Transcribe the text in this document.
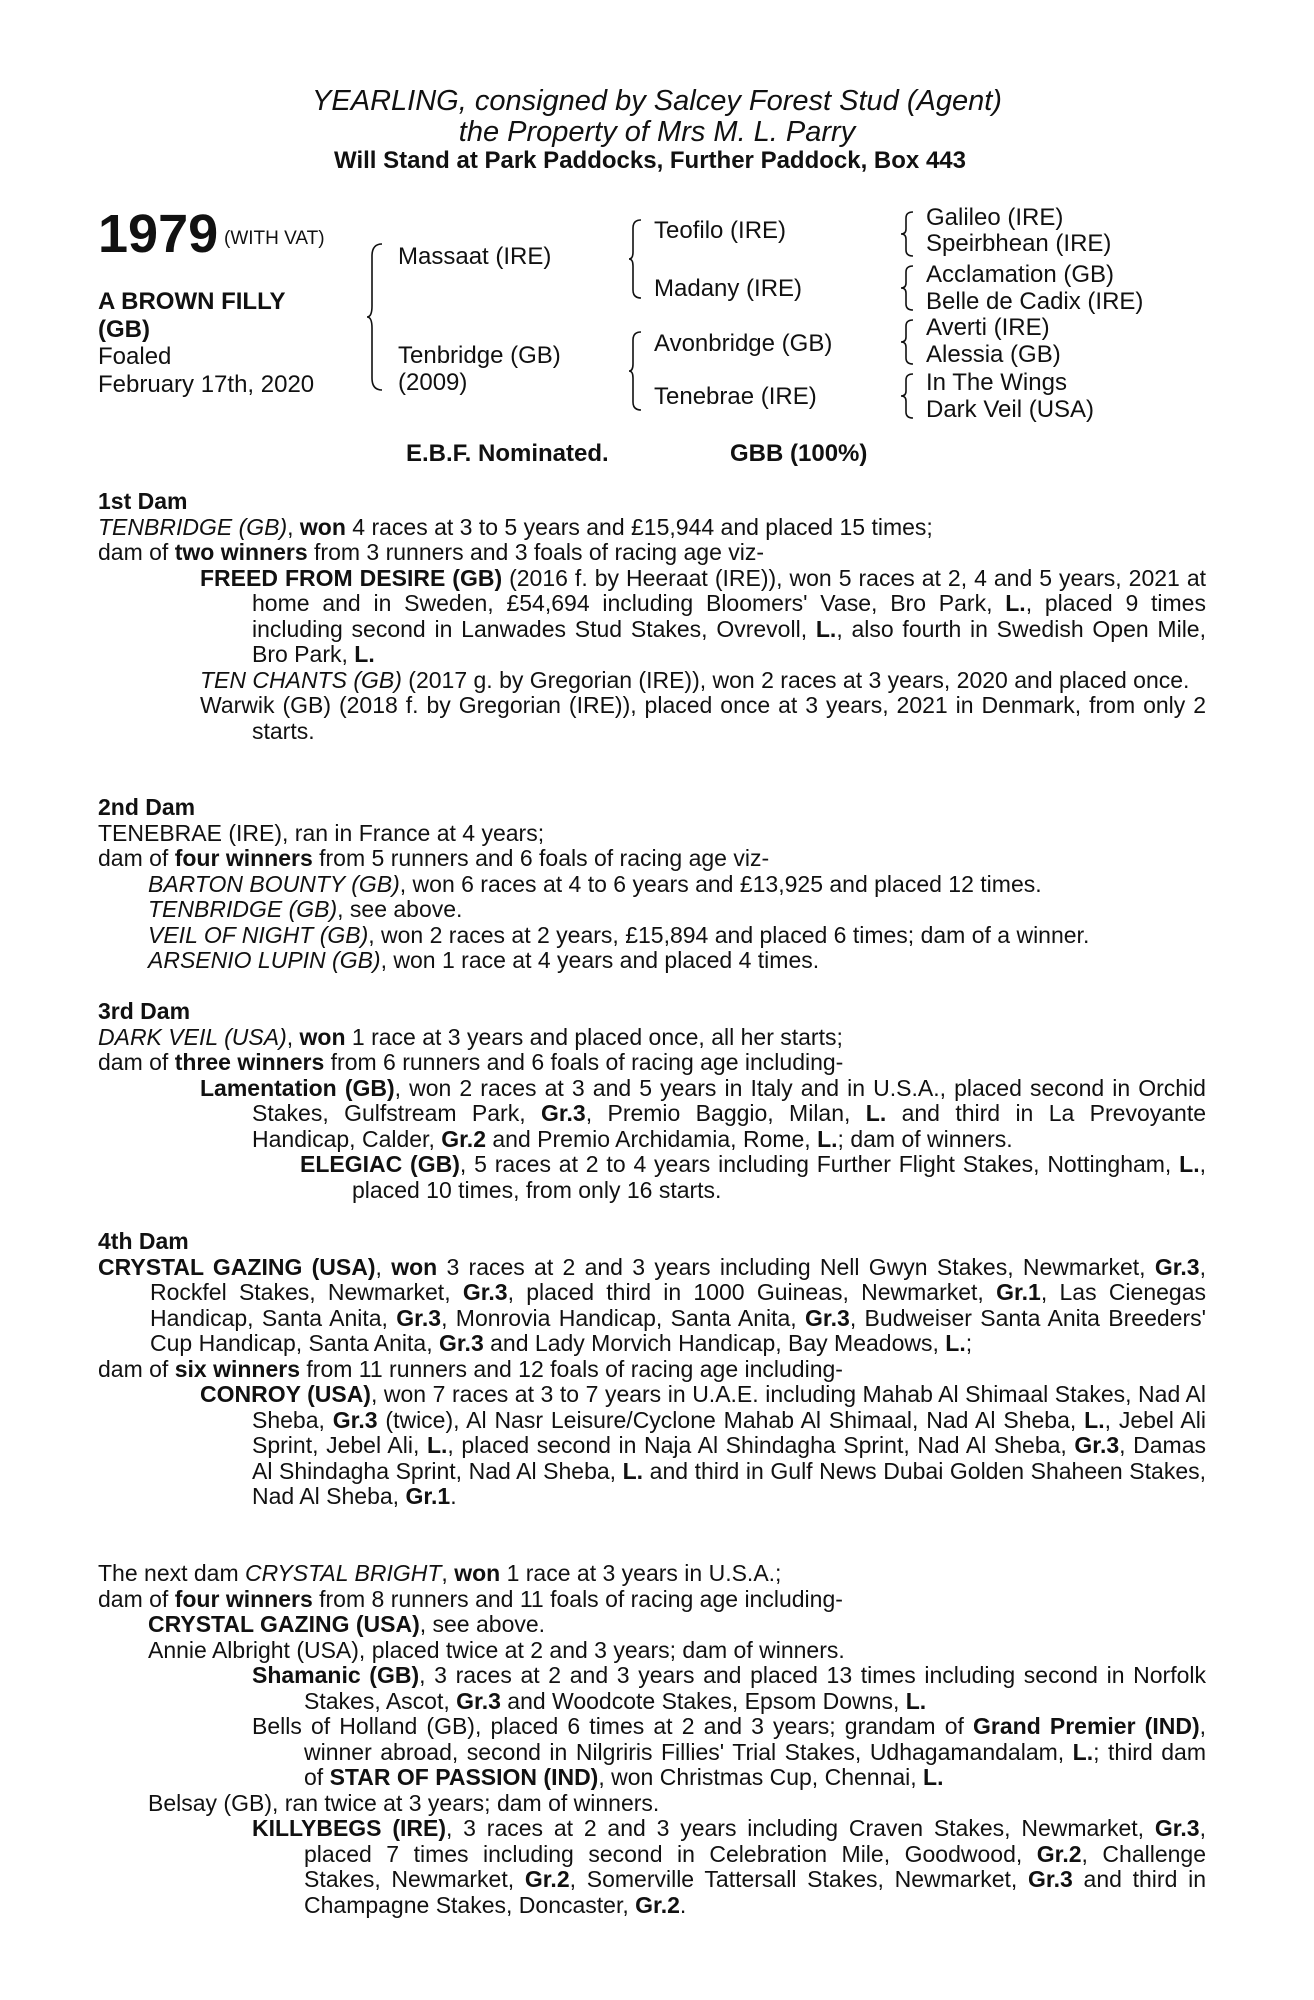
YEARLING, consigned by Salcey Forest Stud (Agent)
the Property of Mrs M. L. Parry
Will Stand at Park Paddocks, Further Paddock, Box 443
1979 (WITH VAT)
A BROWN FILLY
(GB)
Foaled
February 17th, 2020
Massaat (IRE)
Tenbridge (GB)
(2009)
Teofilo (IRE)
Madany (IRE)
Avonbridge (GB)
Tenebrae (IRE)
Galileo (IRE)
Speirbhean (IRE)
Acclamation (GB)
Belle de Cadix (IRE)
Averti (IRE)
Alessia (GB)
In The Wings
Dark Veil (USA)
E.B.F. Nominated.	GBB (100%)

1st Dam

TENBRIDGE (GB), won 4 races at 3 to 5 years and £15,944 and placed 15 times;

dam of two winners from 3 runners and 3 foals of racing age viz-

FREED FROM DESIRE (GB) (2016 f. by Heeraat (IRE)), won 5 races at 2, 4 and 5 years, 2021 at home and in Sweden, £54,694 including Bloomers' Vase, Bro Park, L., placed 9 times including second in Lanwades Stud Stakes, Ovrevoll, L., also fourth in Swedish Open Mile, Bro Park, L.

TEN CHANTS (GB) (2017 g. by Gregorian (IRE)), won 2 races at 3 years, 2020 and placed once.

Warwik (GB) (2018 f. by Gregorian (IRE)), placed once at 3 years, 2021 in Denmark, from only 2 starts.

2nd Dam

TENEBRAE (IRE), ran in France at 4 years;

dam of four winners from 5 runners and 6 foals of racing age viz-

BARTON BOUNTY (GB), won 6 races at 4 to 6 years and £13,925 and placed 12 times.

TENBRIDGE (GB), see above.

VEIL OF NIGHT (GB), won 2 races at 2 years, £15,894 and placed 6 times; dam of a winner.

ARSENIO LUPIN (GB), won 1 race at 4 years and placed 4 times.

3rd Dam

DARK VEIL (USA), won 1 race at 3 years and placed once, all her starts;

dam of three winners from 6 runners and 6 foals of racing age including-

Lamentation (GB), won 2 races at 3 and 5 years in Italy and in U.S.A., placed second in Orchid Stakes, Gulfstream Park, Gr.3, Premio Baggio, Milan, L. and third in La Prevoyante Handicap, Calder, Gr.2 and Premio Archidamia, Rome, L.; dam of winners.

ELEGIAC (GB), 5 races at 2 to 4 years including Further Flight Stakes, Nottingham, L., placed 10 times, from only 16 starts.

4th Dam

CRYSTAL GAZING (USA), won 3 races at 2 and 3 years including Nell Gwyn Stakes, Newmarket, Gr.3, Rockfel Stakes, Newmarket, Gr.3, placed third in 1000 Guineas, Newmarket, Gr.1, Las Cienegas Handicap, Santa Anita, Gr.3, Monrovia Handicap, Santa Anita, Gr.3, Budweiser Santa Anita Breeders' Cup Handicap, Santa Anita, Gr.3 and Lady Morvich Handicap, Bay Meadows, L.;

dam of six winners from 11 runners and 12 foals of racing age including-

CONROY (USA), won 7 races at 3 to 7 years in U.A.E. including Mahab Al Shimaal Stakes, Nad Al Sheba, Gr.3 (twice), Al Nasr Leisure/Cyclone Mahab Al Shimaal, Nad Al Sheba, L., Jebel Ali Sprint, Jebel Ali, L., placed second in Naja Al Shindagha Sprint, Nad Al Sheba, Gr.3, Damas Al Shindagha Sprint, Nad Al Sheba, L. and third in Gulf News Dubai Golden Shaheen Stakes, Nad Al Sheba, Gr.1.

The next dam CRYSTAL BRIGHT, won 1 race at 3 years in U.S.A.;

dam of four winners from 8 runners and 11 foals of racing age including-

CRYSTAL GAZING (USA), see above.

Annie Albright (USA), placed twice at 2 and 3 years; dam of winners.

Shamanic (GB), 3 races at 2 and 3 years and placed 13 times including second in Norfolk Stakes, Ascot, Gr.3 and Woodcote Stakes, Epsom Downs, L.

Bells of Holland (GB), placed 6 times at 2 and 3 years; grandam of Grand Premier (IND), winner abroad, second in Nilgriris Fillies' Trial Stakes, Udhagamandalam, L.; third dam of STAR OF PASSION (IND), won Christmas Cup, Chennai, L.

Belsay (GB), ran twice at 3 years; dam of winners.

KILLYBEGS (IRE), 3 races at 2 and 3 years including Craven Stakes, Newmarket, Gr.3, placed 7 times including second in Celebration Mile, Goodwood, Gr.2, Challenge Stakes, Newmarket, Gr.2, Somerville Tattersall Stakes, Newmarket, Gr.3 and third in Champagne Stakes, Doncaster, Gr.2.
